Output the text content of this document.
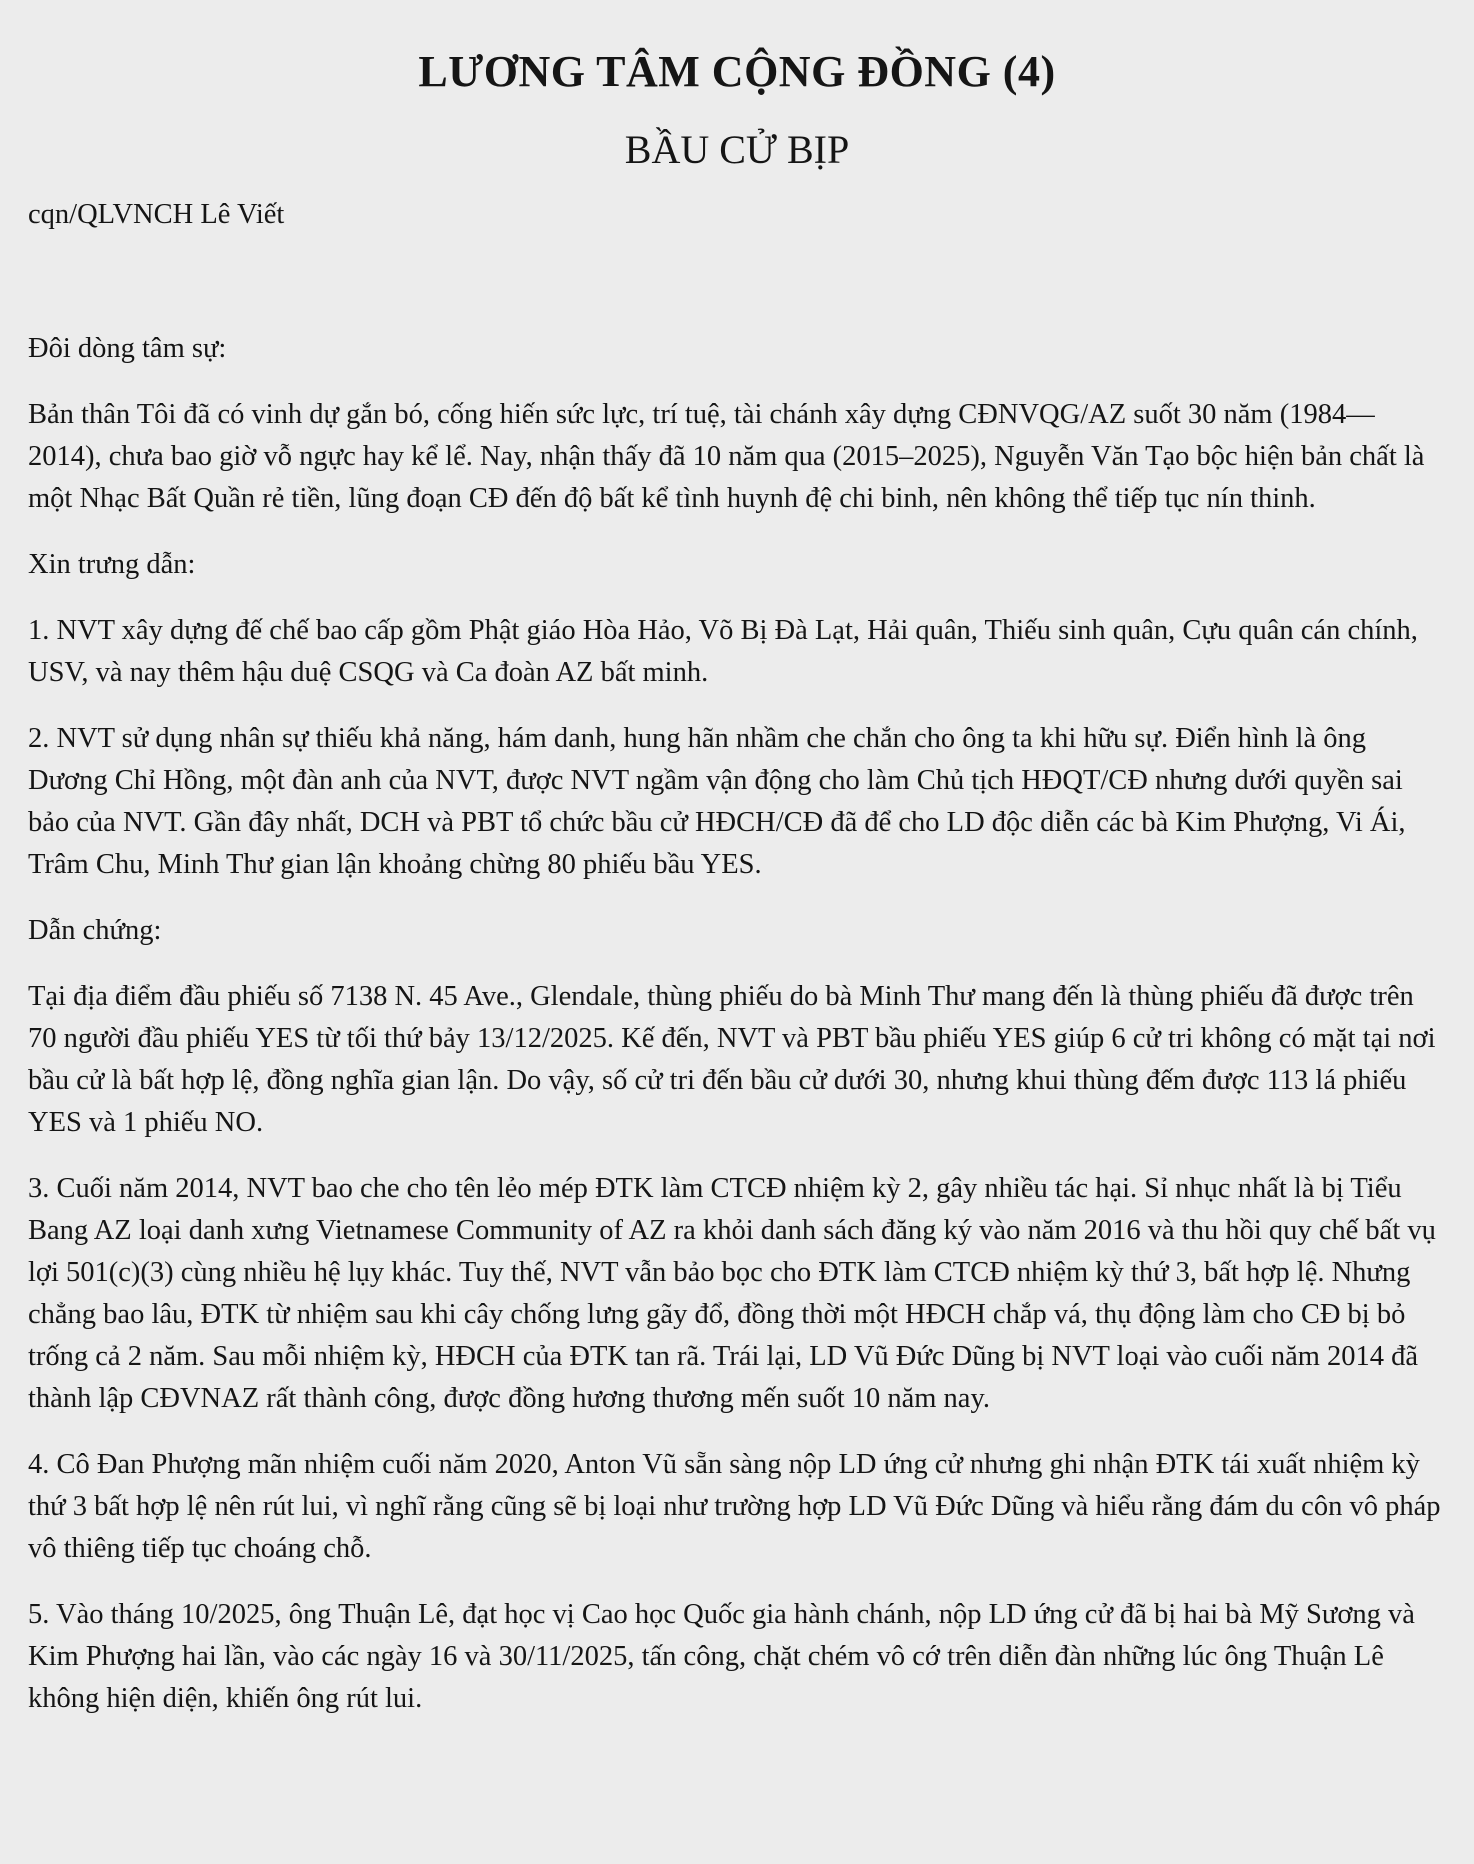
LƯƠNG TÂM CỘNG ĐỒNG (4)
BẦU CỬ BỊP

cqn/QLVNCH Lê Viết

Đôi dòng tâm sự:

Bản thân Tôi đã có vinh dự gắn bó, cống hiến sức lực, trí tuệ, tài chánh xây dựng CĐNVQG/AZ suốt 30 năm (1984—2014), chưa bao giờ vỗ ngực hay kể lể. Nay, nhận thấy đã 10 năm qua (2015–2025), Nguyễn Văn Tạo bộc hiện bản chất là một Nhạc Bất Quần rẻ tiền, lũng đoạn CĐ đến độ bất kể tình huynh đệ chi binh, nên không thể tiếp tục nín thinh.

Xin trưng dẫn:

1. NVT xây dựng đế chế bao cấp gồm Phật giáo Hòa Hảo, Võ Bị Đà Lạt, Hải quân, Thiếu sinh quân, Cựu quân cán chính, USV, và nay thêm hậu duệ CSQG và Ca đoàn AZ bất minh.

2. NVT sử dụng nhân sự thiếu khả năng, hám danh, hung hãn nhầm che chắn cho ông ta khi hữu sự. Điển hình là ông Dương Chỉ Hồng, một đàn anh của NVT, được NVT ngầm vận động cho làm Chủ tịch HĐQT/CĐ nhưng dưới quyền sai bảo của NVT. Gần đây nhất, DCH và PBT tổ chức bầu cử HĐCH/CĐ đã để cho LD độc diễn các bà Kim Phượng, Vi Ái, Trâm Chu, Minh Thư gian lận khoảng chừng 80 phiếu bầu YES.

Dẫn chứng:

Tại địa điểm đầu phiếu số 7138 N. 45 Ave., Glendale, thùng phiếu do bà Minh Thư mang đến là thùng phiếu đã được trên 70 người đầu phiếu YES từ tối thứ bảy 13/12/2025. Kế đến, NVT và PBT bầu phiếu YES giúp 6 cử tri không có mặt tại nơi bầu cử là bất hợp lệ, đồng nghĩa gian lận. Do vậy, số cử tri đến bầu cử dưới 30, nhưng khui thùng đếm được 113 lá phiếu YES và 1 phiếu NO.

3. Cuối năm 2014, NVT bao che cho tên lẻo mép ĐTK làm CTCĐ nhiệm kỳ 2, gây nhiều tác hại. Sỉ nhục nhất là bị Tiểu Bang AZ loại danh xưng Vietnamese Community of AZ ra khỏi danh sách đăng ký vào năm 2016 và thu hồi quy chế bất vụ lợi 501(c)(3) cùng nhiều hệ lụy khác. Tuy thế, NVT vẫn bảo bọc cho ĐTK làm CTCĐ nhiệm kỳ thứ 3, bất hợp lệ. Nhưng chẳng bao lâu, ĐTK từ nhiệm sau khi cây chống lưng gãy đổ, đồng thời một HĐCH chắp vá, thụ động làm cho CĐ bị bỏ trống cả 2 năm. Sau mỗi nhiệm kỳ, HĐCH của ĐTK tan rã. Trái lại, LD Vũ Đức Dũng bị NVT loại vào cuối năm 2014 đã thành lập CĐVNAZ rất thành công, được đồng hương thương mến suốt 10 năm nay.

4. Cô Đan Phượng mãn nhiệm cuối năm 2020, Anton Vũ sẵn sàng nộp LD ứng cử nhưng ghi nhận ĐTK tái xuất nhiệm kỳ thứ 3 bất hợp lệ nên rút lui, vì nghĩ rằng cũng sẽ bị loại như trường hợp LD Vũ Đức Dũng và hiểu rằng đám du côn vô pháp vô thiêng tiếp tục choáng chỗ.

5. Vào tháng 10/2025, ông Thuận Lê, đạt học vị Cao học Quốc gia hành chánh, nộp LD ứng cử đã bị hai bà Mỹ Sương và Kim Phượng hai lần, vào các ngày 16 và 30/11/2025, tấn công, chặt chém vô cớ trên diễn đàn những lúc ông Thuận Lê không hiện diện, khiến ông rút lui.
